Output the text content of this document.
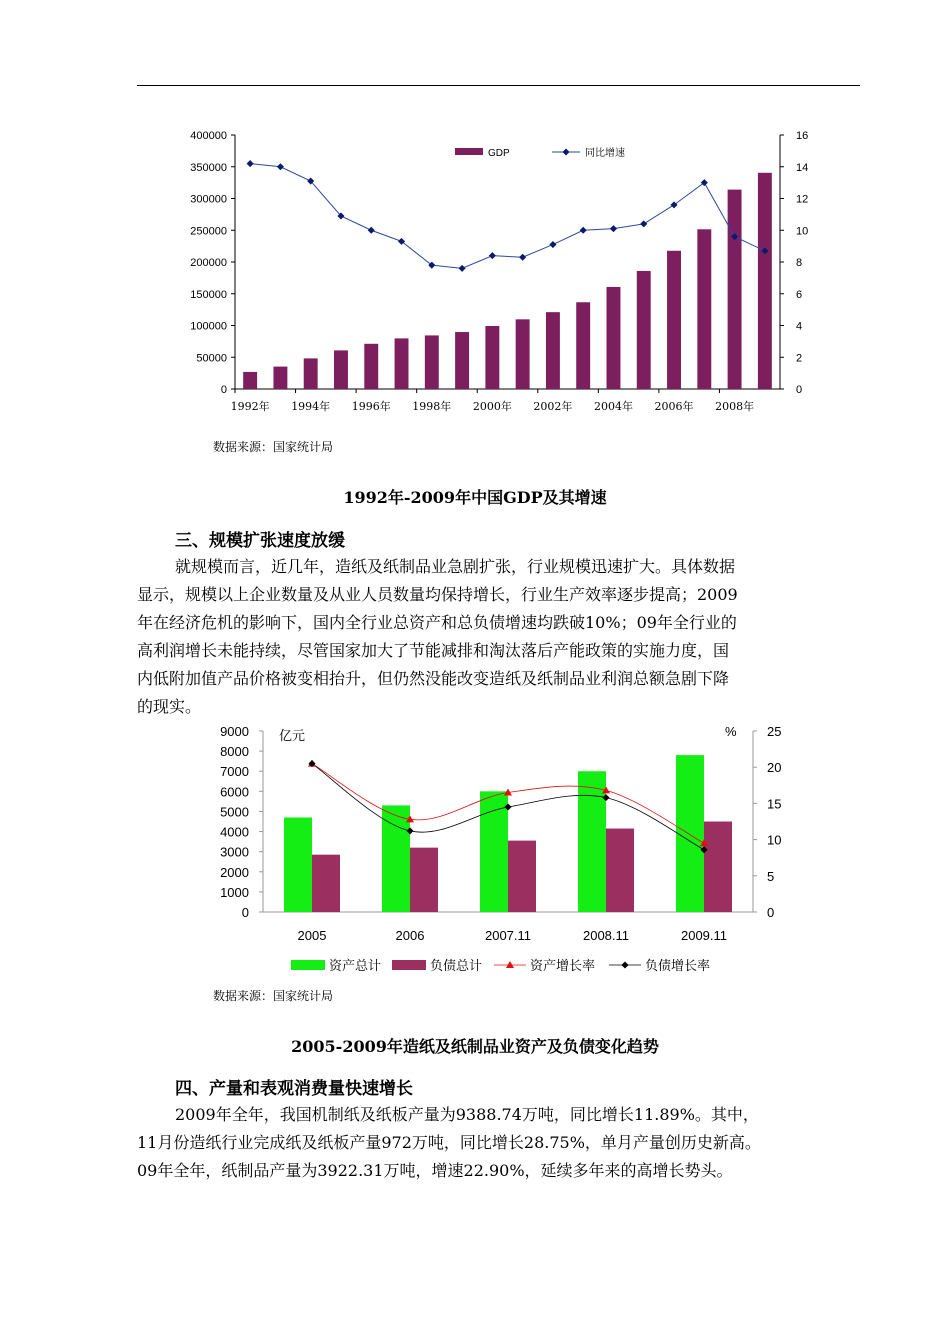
400000
350000
300000
250000
200000
150000
100000
50000
0
16
14
12
10
8
6
4
2
0
1992年 1994年 1996年 1998年 2000年 2002年 2004年 2006年 2008年
GDP	同比增速
数据来源：国家统计局
1992年-2009年中国GDP及其增速
三、规模扩张速度放缓
就规模而言，近几年，造纸及纸制品业急剧扩张，行业规模迅速扩大。具体数据
显示，规模以上企业数量及从业人员数量均保持增长，行业生产效率逐步提高；2009
年在经济危机的影响下，国内全行业总资产和总负债增速均跌破10%；09年全行业的
高利润增长未能持续，尽管国家加大了节能减排和淘汰落后产能政策的实施力度，国
内低附加值产品价格被变相抬升，但仍然没能改变造纸及纸制品业利润总额急剧下降
的现实。
9000
8000
7000
6000
5000
4000
3000
2000
1000
0
25
20
15
10
5
0
亿元	%
2005	2006	2007.11	2008.11	2009.11
资产总计	负债总计	资产增长率	负债增长率
数据来源：国家统计局
2005-2009年造纸及纸制品业资产及负债变化趋势
四、产量和表观消费量快速增长
2009年全年，我国机制纸及纸板产量为9388.74万吨，同比增长11.89%。其中，
11月份造纸行业完成纸及纸板产量972万吨，同比增长28.75%，单月产量创历史新高。
09年全年，纸制品产量为3922.31万吨，增速22.90%，延续多年来的高增长势头。
